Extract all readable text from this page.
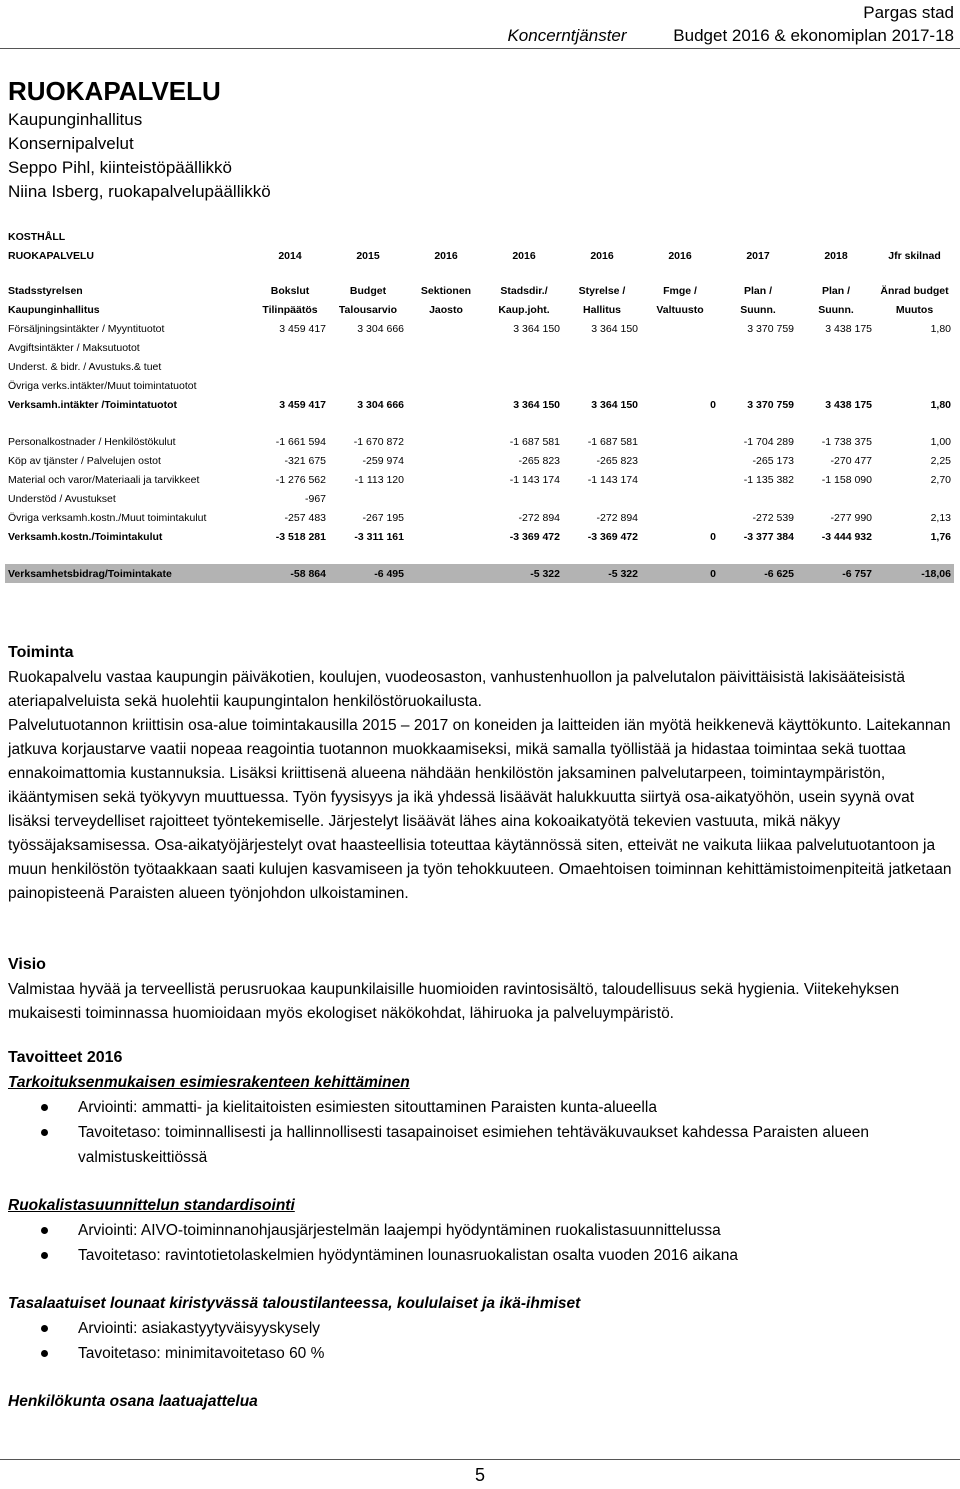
Pargas stad
Koncerntjänster	Budget 2016 & ekonomiplan 2017-18
RUOKAPALVELU
Kaupunginhallitus
Konsernipalvelut
Seppo Pihl, kiinteistöpäällikkö
Niina Isberg, ruokapalvelupäällikkö
KOSTHÅLL									
RUOKAPALVELU	2014	2015	2016	2016	2016	2016	2017	2018	Jfr skilnad

Stadsstyrelsen	Bokslut	Budget	Sektionen	Stadsdir./	Styrelse /	Fmge /	Plan /	Plan /	Änrad budget
Kaupunginhallitus	Tilinpäätös	Talousarvio	Jaosto	Kaup.joht.	Hallitus	Valtuusto	Suunn.	Suunn.	Muutos
Försäljningsintäkter / Myyntituotot	3 459 417	3 304 666		3 364 150	3 364 150		3 370 759	3 438 175	1,80
Avgiftsintäkter / Maksutuotot									
Underst. & bidr. / Avustuks.& tuet									
Övriga verks.intäkter/Muut toimintatuotot									
Verksamh.intäkter /Toimintatuotot	3 459 417	3 304 666		3 364 150	3 364 150	0	3 370 759	3 438 175	1,80

Personalkostnader / Henkilöstökulut	-1 661 594	-1 670 872		-1 687 581	-1 687 581		-1 704 289	-1 738 375	1,00
Köp av tjänster / Palvelujen ostot	-321 675	-259 974		-265 823	-265 823		-265 173	-270 477	2,25
Material och varor/Materiaali ja tarvikkeet	-1 276 562	-1 113 120		-1 143 174	-1 143 174		-1 135 382	-1 158 090	2,70
Understöd / Avustukset	-967								
Övriga verksamh.kostn./Muut toimintakulut	-257 483	-267 195		-272 894	-272 894		-272 539	-277 990	2,13
Verksamh.kostn./Toimintakulut	-3 518 281	-3 311 161		-3 369 472	-3 369 472	0	-3 377 384	-3 444 932	1,76

Verksamhetsbidrag/Toimintakate	-58 864	-6 495		-5 322	-5 322	0	-6 625	-6 757	-18,06
Toiminta

Ruokapalvelu vastaa kaupungin päiväkotien, koulujen, vuodeosaston, vanhustenhuollon ja palvelutalon päivittäisistä lakisääteisistä ateriapalveluista sekä huolehtii kaupungintalon henkilöstöruokailusta.

Palvelutuotannon kriittisin osa-alue toimintakausilla 2015 – 2017 on koneiden ja laitteiden iän myötä heikkenevä käyttökunto. Laitekannan jatkuva korjaustarve vaatii nopeaa reagointia tuotannon muokkaamiseksi, mikä samalla työllistää ja hidastaa toimintaa sekä tuottaa ennakoimattomia kustannuksia. Lisäksi kriittisenä alueena nähdään henkilöstön jaksaminen palvelutarpeen, toimintaympäristön, ikääntymisen sekä työkyvyn muuttuessa. Työn fyysisyys ja ikä yhdessä lisäävät halukkuutta siirtyä osa-aikatyöhön, usein syynä ovat lisäksi terveydelliset rajoitteet työntekemiselle. Järjestelyt lisäävät lähes aina kokoaikatyötä tekevien vastuuta, mikä näkyy työssäjaksamisessa. Osa-aikatyöjärjestelyt ovat haasteellisia toteuttaa käytännössä siten, etteivät ne vaikuta liikaa palvelutuotantoon ja muun henkilöstön työtaakkaan saati kulujen kasvamiseen ja työn tehokkuuteen. Omaehtoisen toiminnan kehittämistoimenpiteitä jatketaan painopisteenä Paraisten alueen työnjohdon ulkoistaminen.

Visio

Valmistaa hyvää ja terveellistä perusruokaa kaupunkilaisille huomioiden ravintosisältö, taloudellisuus sekä hygienia. Viitekehyksen mukaisesti toiminnassa huomioidaan myös ekologiset näkökohdat, lähiruoka ja palveluympäristö.

Tavoitteet 2016
Tarkoituksenmukaisen esimiesrakenteen kehittäminen
Arviointi: ammatti- ja kielitaitoisten esimiesten sitouttaminen Paraisten kunta-alueella
Tavoitetaso: toiminnallisesti ja hallinnollisesti tasapainoiset esimiehen tehtäväkuvaukset kahdessa Paraisten alueen valmistuskeittiössä
Ruokalistasuunnittelun standardisointi
Arviointi: AIVO-toiminnanohjausjärjestelmän laajempi hyödyntäminen ruokalistasuunnittelussa
Tavoitetaso: ravintotietolaskelmien hyödyntäminen lounasruokalistan osalta vuoden 2016 aikana
Tasalaatuiset lounaat kiristyvässä taloustilanteessa, koululaiset ja ikä-ihmiset
Arviointi: asiakastyytyväisyyskysely
Tavoitetaso: minimitavoitetaso 60 %
Henkilökunta osana laatuajattelua
5
